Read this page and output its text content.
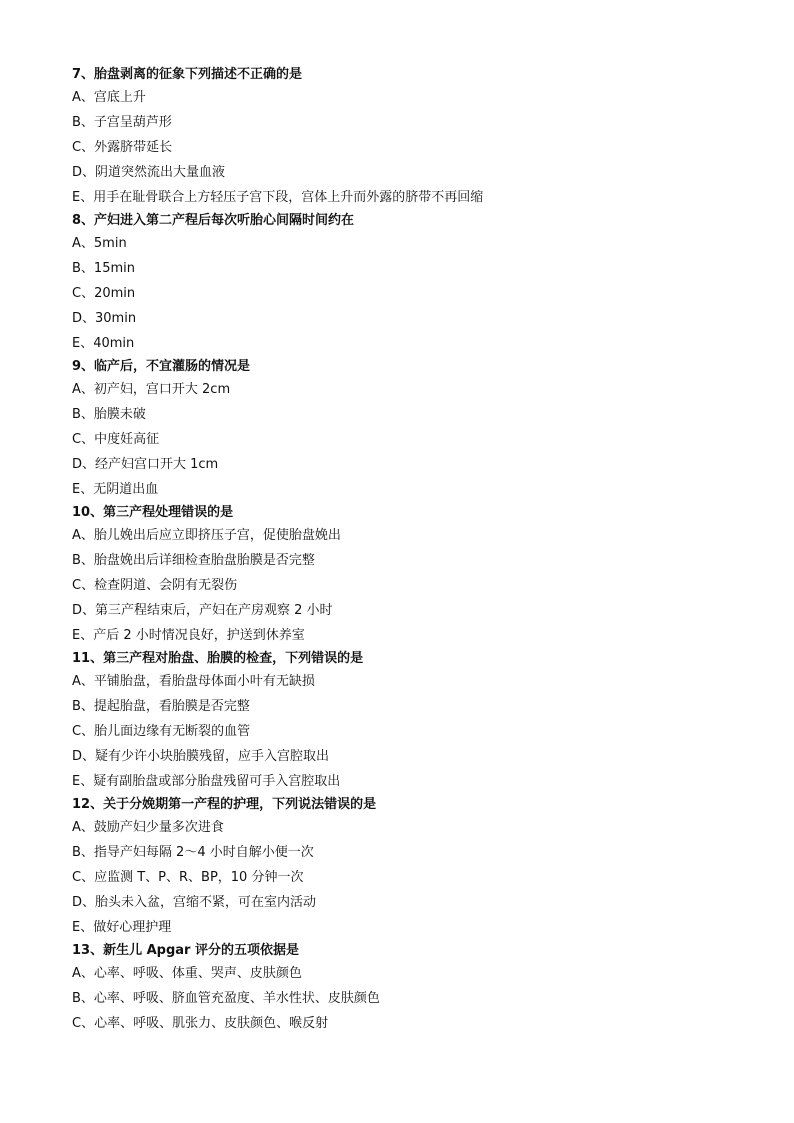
7、胎盘剥离的征象下列描述不正确的是
A、宫底上升
B、子宫呈葫芦形
C、外露脐带延长
D、阴道突然流出大量血液
E、用手在耻骨联合上方轻压子宫下段，宫体上升而外露的脐带不再回缩
8、产妇进入第二产程后每次听胎心间隔时间约在
A、5min
B、15min
C、20min
D、30min
E、40min
9、临产后，不宜灌肠的情况是
A、初产妇，宫口开大 2cm
B、胎膜未破
C、中度妊高征
D、经产妇宫口开大 1cm
E、无阴道出血
10、第三产程处理错误的是
A、胎儿娩出后应立即挤压子宫，促使胎盘娩出
B、胎盘娩出后详细检查胎盘胎膜是否完整
C、检查阴道、会阴有无裂伤
D、第三产程结束后，产妇在产房观察 2 小时
E、产后 2 小时情况良好，护送到休养室
11、第三产程对胎盘、胎膜的检查，下列错误的是
A、平铺胎盘，看胎盘母体面小叶有无缺损
B、提起胎盘，看胎膜是否完整
C、胎儿面边缘有无断裂的血管
D、疑有少许小块胎膜残留，应手入宫腔取出
E、疑有副胎盘或部分胎盘残留可手入宫腔取出
12、关于分娩期第一产程的护理，下列说法错误的是
A、鼓励产妇少量多次进食
B、指导产妇每隔 2～4 小时自解小便一次
C、应监测 T、P、R、BP，10 分钟一次
D、胎头未入盆，宫缩不紧，可在室内活动
E、做好心理护理
13、新生儿 Apgar 评分的五项依据是
A、心率、呼吸、体重、哭声、皮肤颜色
B、心率、呼吸、脐血管充盈度、羊水性状、皮肤颜色
C、心率、呼吸、肌张力、皮肤颜色、喉反射
